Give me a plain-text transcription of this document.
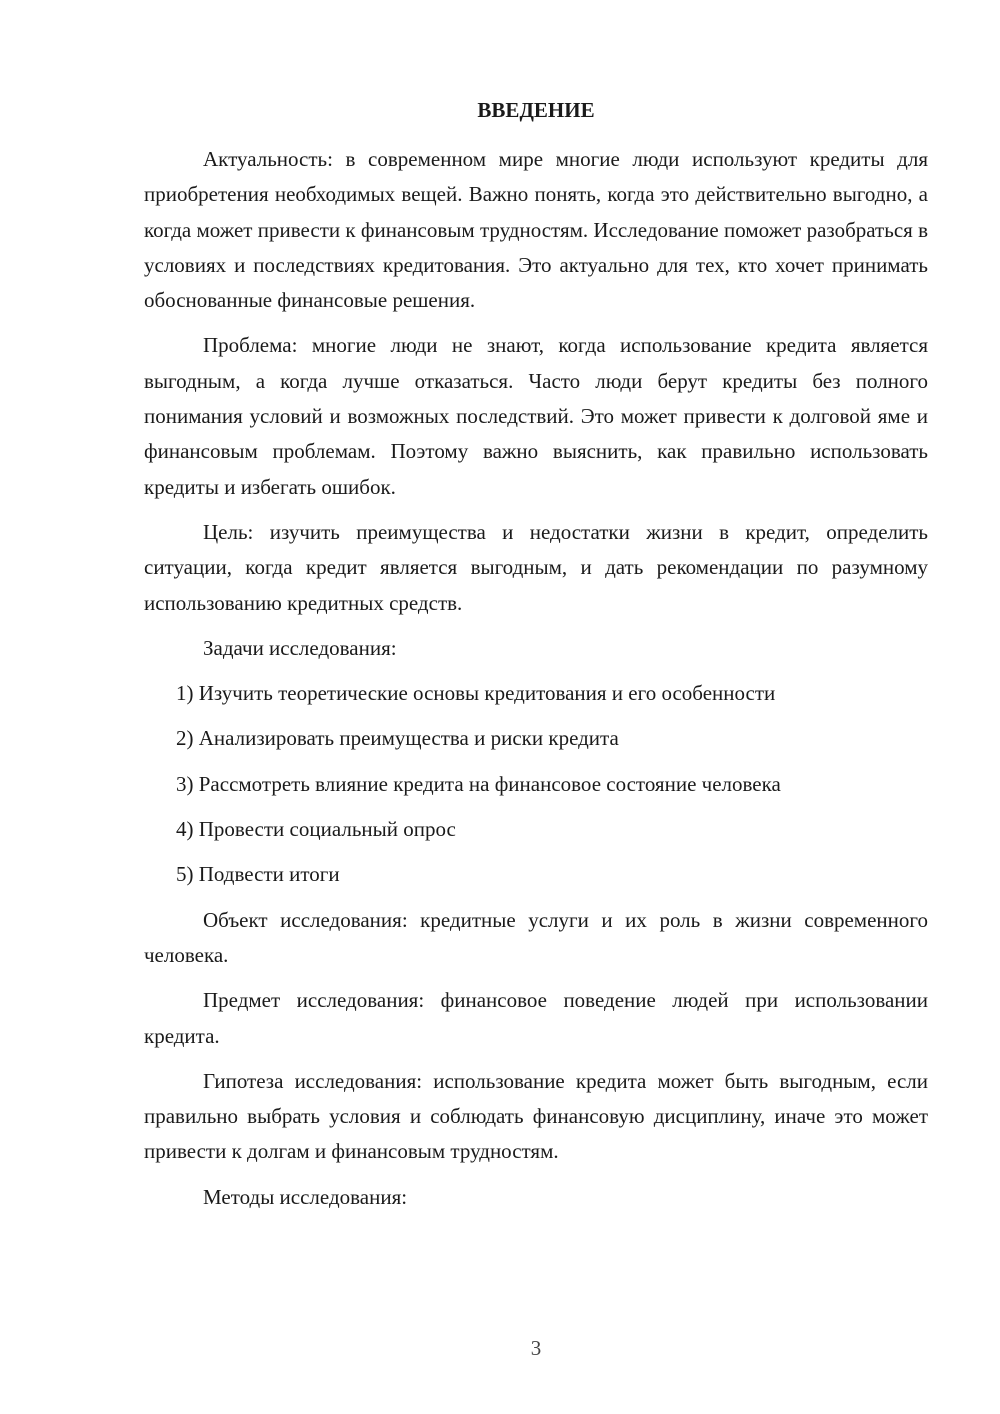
ВВЕДЕНИЕ

Актуальность: в современном мире многие люди используют кредиты для приобретения необходимых вещей. Важно понять, когда это действительно выгодно, а когда может привести к финансовым трудностям. Исследование поможет разобраться в условиях и последствиях кредитования. Это актуально для тех, кто хочет принимать обоснованные финансовые решения.

Проблема: многие люди не знают, когда использование кредита является выгодным, а когда лучше отказаться. Часто люди берут кредиты без полного понимания условий и возможных последствий. Это может привести к долговой яме и финансовым проблемам. Поэтому важно выяснить, как правильно использовать кредиты и избегать ошибок.

Цель: изучить преимущества и недостатки жизни в кредит, определить ситуации, когда кредит является выгодным, и дать рекомендации по разумному использованию кредитных средств.

Задачи исследования:

1) Изучить теоретические основы кредитования и его особенности

2) Анализировать преимущества и риски кредита

3) Рассмотреть влияние кредита на финансовое состояние человека

4) Провести социальный опрос

5) Подвести итоги

Объект исследования: кредитные услуги и их роль в жизни современного человека.

Предмет исследования: финансовое поведение людей при использовании кредита.

Гипотеза исследования: использование кредита может быть выгодным, если правильно выбрать условия и соблюдать финансовую дисциплину, иначе это может привести к долгам и финансовым трудностям.

Методы исследования:

3
